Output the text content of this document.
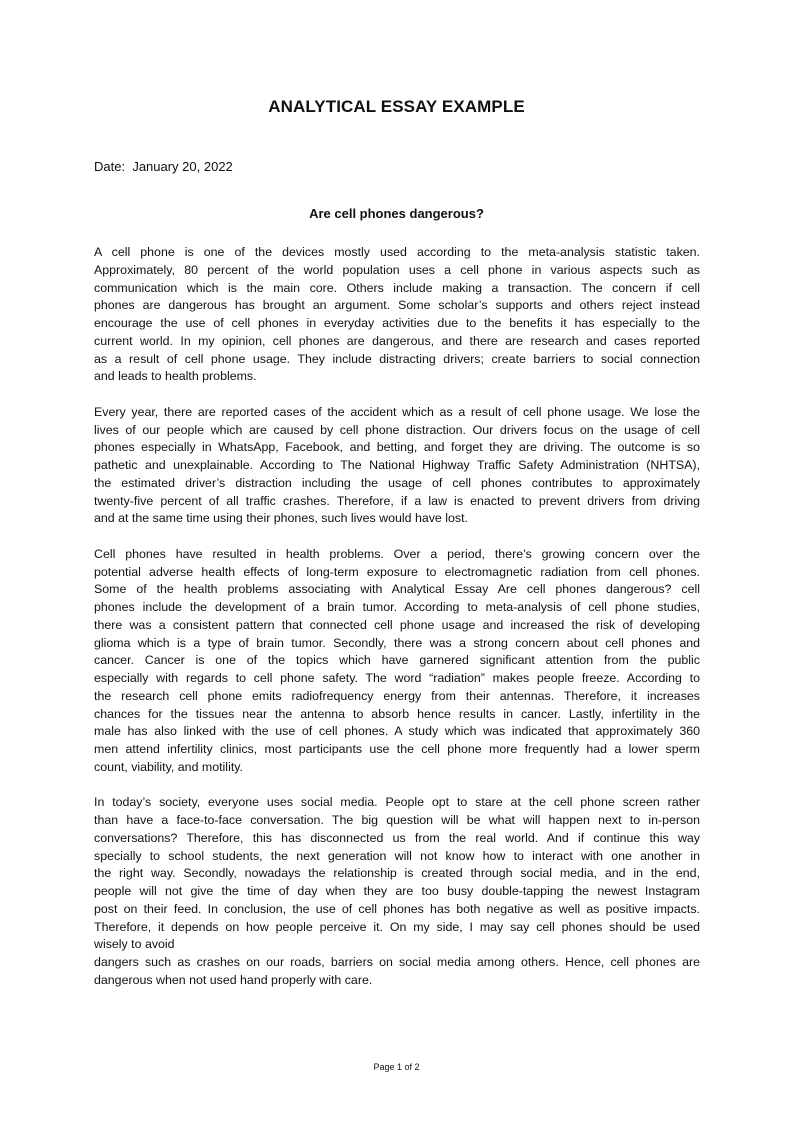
ANALYTICAL ESSAY EXAMPLE
Date: January 20, 2022
Are cell phones dangerous?
A cell phone is one of the devices mostly used according to the meta-analysis statistic taken.
Approximately, 80 percent of the world population uses a cell phone in various aspects such as
communication which is the main core. Others include making a transaction. The concern if cell
phones are dangerous has brought an argument. Some scholar’s supports and others reject instead
encourage the use of cell phones in everyday activities due to the benefits it has especially to the
current world. In my opinion, cell phones are dangerous, and there are research and cases reported
as a result of cell phone usage. They include distracting drivers; create barriers to social connection
and leads to health problems.
Every year, there are reported cases of the accident which as a result of cell phone usage. We lose the
lives of our people which are caused by cell phone distraction. Our drivers focus on the usage of cell
phones especially in WhatsApp, Facebook, and betting, and forget they are driving. The outcome is so
pathetic and unexplainable. According to The National Highway Traffic Safety Administration (NHTSA),
the estimated driver’s distraction including the usage of cell phones contributes to approximately
twenty-five percent of all traffic crashes. Therefore, if a law is enacted to prevent drivers from driving
and at the same time using their phones, such lives would have lost.
Cell phones have resulted in health problems. Over a period, there’s growing concern over the
potential adverse health effects of long-term exposure to electromagnetic radiation from cell phones.
Some of the health problems associating with Analytical Essay Are cell phones dangerous? cell
phones include the development of a brain tumor. According to meta-analysis of cell phone studies,
there was a consistent pattern that connected cell phone usage and increased the risk of developing
glioma which is a type of brain tumor. Secondly, there was a strong concern about cell phones and
cancer. Cancer is one of the topics which have garnered significant attention from the public
especially with regards to cell phone safety. The word “radiation” makes people freeze. According to
the research cell phone emits radiofrequency energy from their antennas. Therefore, it increases
chances for the tissues near the antenna to absorb hence results in cancer. Lastly, infertility in the
male has also linked with the use of cell phones. A study which was indicated that approximately 360
men attend infertility clinics, most participants use the cell phone more frequently had a lower sperm
count, viability, and motility.
In today’s society, everyone uses social media. People opt to stare at the cell phone screen rather
than have a face-to-face conversation. The big question will be what will happen next to in-person
conversations? Therefore, this has disconnected us from the real world. And if continue this way
specially to school students, the next generation will not know how to interact with one another in
the right way. Secondly, nowadays the relationship is created through social media, and in the end,
people will not give the time of day when they are too busy double-tapping the newest Instagram
post on their feed. In conclusion, the use of cell phones has both negative as well as positive impacts.
Therefore, it depends on how people perceive it. On my side, I may say cell phones should be used
wisely to avoid
dangers such as crashes on our roads, barriers on social media among others. Hence, cell phones are
dangerous when not used hand properly with care.
Page 1 of 2
